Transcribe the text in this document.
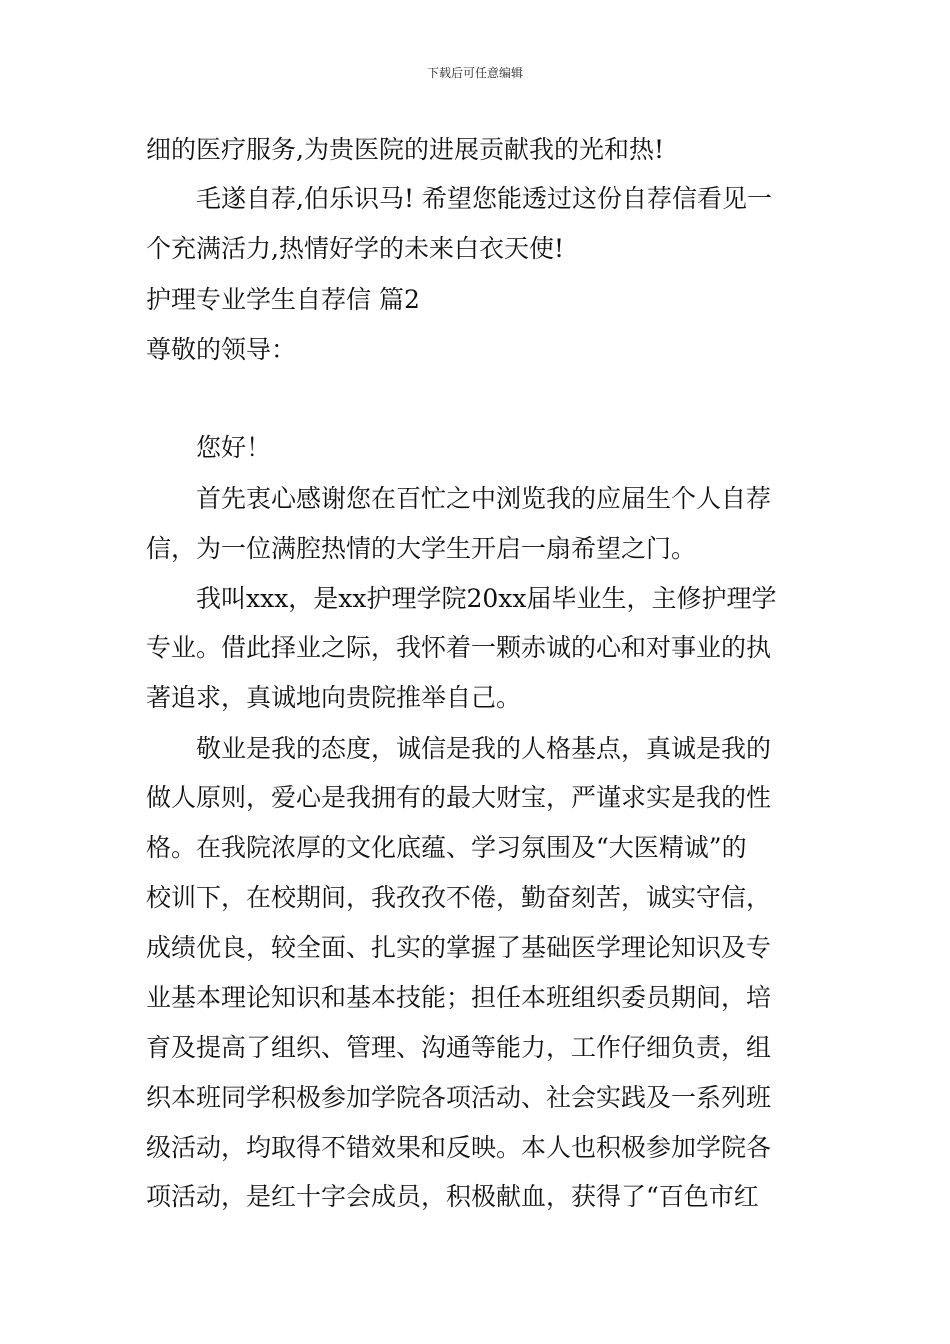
下载后可任意编辑
细的医疗服务,为贵医院的进展贡献我的光和热!
毛遂自荐,伯乐识马! 希望您能透过这份自荐信看见一
个充满活力,热情好学的未来白衣天使!
护理专业学生自荐信 篇2
尊敬的领导：
您好！
首先衷心感谢您在百忙之中浏览我的应届生个人自荐
信，为一位满腔热情的大学生开启一扇希望之门。
我叫xxx，是xx护理学院20xx届毕业生，主修护理学
专业。借此择业之际，我怀着一颗赤诚的心和对事业的执
著追求，真诚地向贵院推举自己。
敬业是我的态度，诚信是我的人格基点，真诚是我的
做人原则，爱心是我拥有的最大财宝，严谨求实是我的性
格。在我院浓厚的文化底蕴、学习氛围及“大医精诚”的
校训下，在校期间，我孜孜不倦，勤奋刻苦，诚实守信，
成绩优良，较全面、扎实的掌握了基础医学理论知识及专
业基本理论知识和基本技能；担任本班组织委员期间，培
育及提高了组织、管理、沟通等能力，工作仔细负责，组
织本班同学积极参加学院各项活动、社会实践及一系列班
级活动，均取得不错效果和反映。本人也积极参加学院各
项活动，是红十字会成员，积极献血，获得了“百色市红
